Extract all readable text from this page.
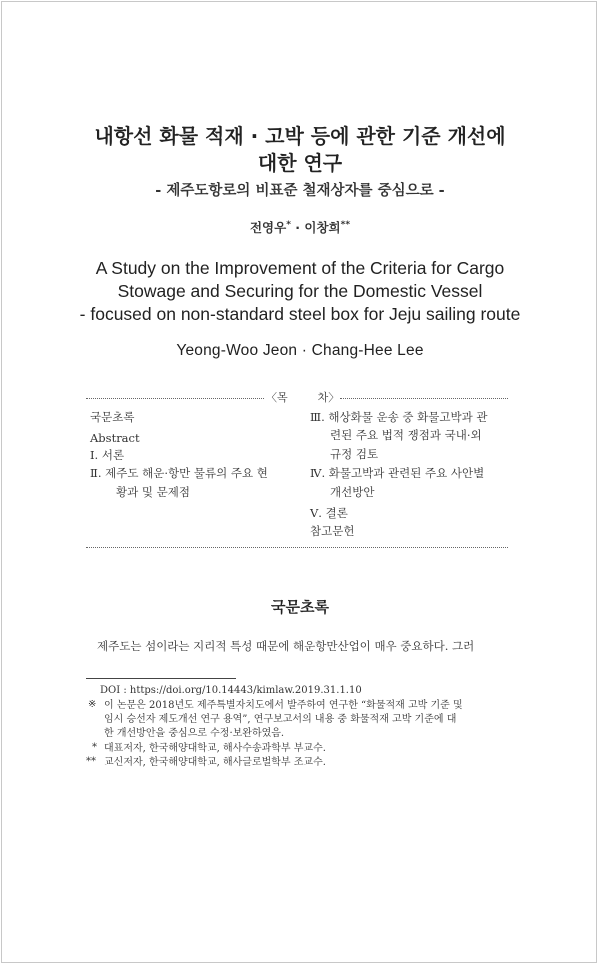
내항선 화물 적재 · 고박 등에 관한 기준 개선에
대한 연구
- 제주도항로의 비표준 철재상자를 중심으로 -
전영우* · 이창희**
A Study on the Improvement of the Criteria for Cargo
Stowage and Securing for the Domestic Vessel
- focused on non-standard steel box for Jeju sailing route
Yeong-Woo Jeon · Chang-Hee Lee
〈목	차〉
국문초록
Abstract
Ⅰ. 서론
Ⅱ. 제주도 해운·항만 물류의 주요 현
황과 및 문제점
Ⅲ. 해상화물 운송 중 화물고박과 관
련된 주요 법적 쟁점과 국내·외
규정 검토
Ⅳ. 화물고박과 관련된 주요 사안별
개선방안
Ⅴ. 결론
참고문헌
국문초록
제주도는 섬이라는 지리적 특성 때문에 해운항만산업이 매우 중요하다. 그러
DOI : https://doi.org/10.14443/kimlaw.2019.31.1.10
※ 이 논문은 2018년도 제주특별자치도에서 발주하여 연구한 “화물적재 고박 기준 및
임시 승선자 제도개선 연구 용역”, 연구보고서의 내용 중 화물적재 고박 기준에 대
한 개선방안을 중심으로 수정·보완하였음.
* 대표저자, 한국해양대학교, 해사수송과학부 부교수.
** 교신저자, 한국해양대학교, 해사글로벌학부 조교수.
